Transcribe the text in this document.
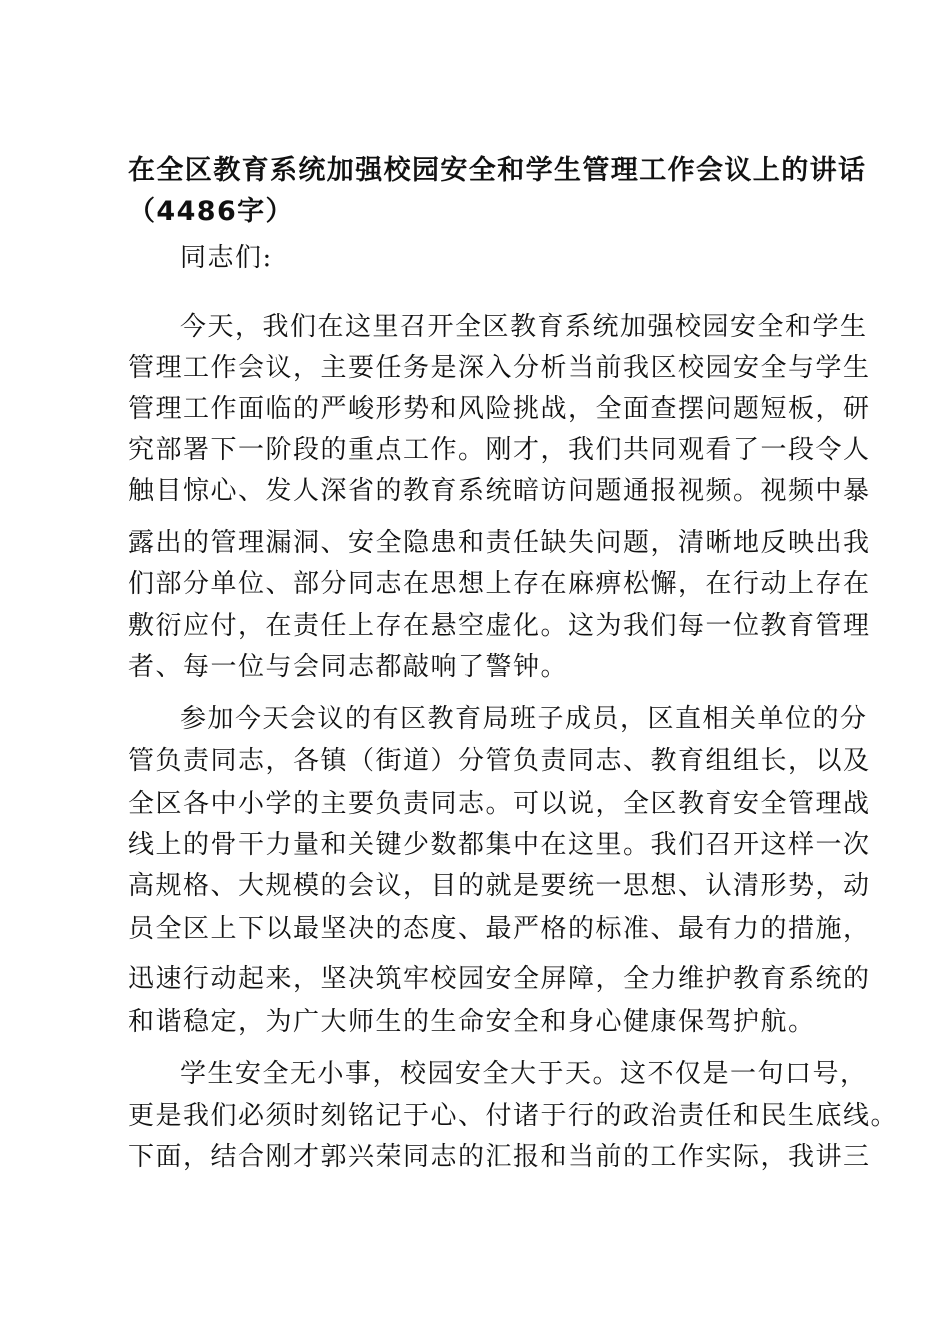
在全区教育系统加强校园安全和学生管理工作会议上的讲话
（4486字）
同志们:
今天，我们在这里召开全区教育系统加强校园安全和学生
管理工作会议，主要任务是深入分析当前我区校园安全与学生
管理工作面临的严峻形势和风险挑战，全面查摆问题短板，研
究部署下一阶段的重点工作。刚才，我们共同观看了一段令人
触目惊心、发人深省的教育系统暗访问题通报视频。视频中暴
露出的管理漏洞、安全隐患和责任缺失问题，清晰地反映出我
们部分单位、部分同志在思想上存在麻痹松懈，在行动上存在
敷衍应付，在责任上存在悬空虚化。这为我们每一位教育管理
者、每一位与会同志都敲响了警钟。
参加今天会议的有区教育局班子成员，区直相关单位的分
管负责同志，各镇（街道）分管负责同志、教育组组长，以及
全区各中小学的主要负责同志。可以说，全区教育安全管理战
线上的骨干力量和关键少数都集中在这里。我们召开这样一次
高规格、大规模的会议，目的就是要统一思想、认清形势，动
员全区上下以最坚决的态度、最严格的标准、最有力的措施，
迅速行动起来，坚决筑牢校园安全屏障，全力维护教育系统的
和谐稳定，为广大师生的生命安全和身心健康保驾护航。
学生安全无小事，校园安全大于天。这不仅是一句口号，
更是我们必须时刻铭记于心、付诸于行的政治责任和民生底线。
下面，结合刚才郭兴荣同志的汇报和当前的工作实际，我讲三
